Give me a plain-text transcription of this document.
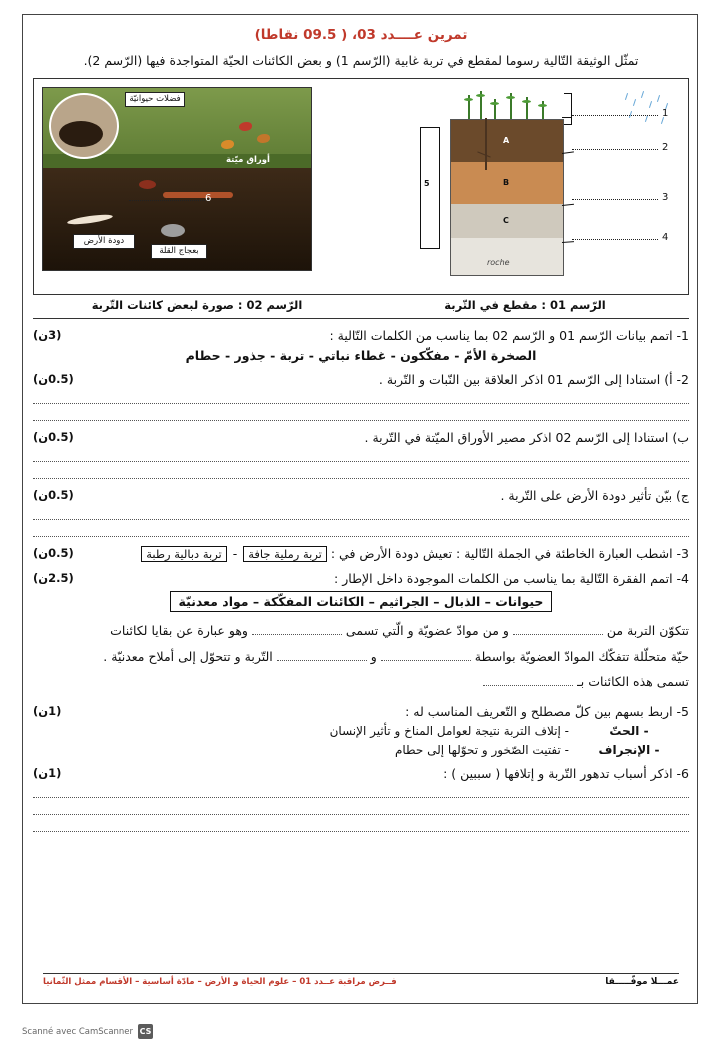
تمرين عــــدد 03، ( 09.5 نقاطا)
تمثّل الوثيقة التّالية رسوما لمقطع في تربة غابية (الرّسم 1) و بعض الكائنات الحيّة المتواجدة فيها (الرّسم 2).
roche
A
B
C
5
1
2
3
4
فضلات حيوانيّة
أوراق ميّتة
6
دودة الأرض
بعجاج القلة
الرّسم 01 : مقطع في التّربة
الرّسم 02 : صورة لبعض كائنات التّربة
(3ن)	1- اتمم بيانات الرّسم 01 و الرّسم 02 بما يناسب من الكلمات التّالية :
الصخرة الأمّ - مفكّكون - غطاء نباتي - تربة - جذور - حطام
(0.5ن)	2- أ) استنادا إلى الرّسم 01 اذكر العلاقة بين النّبات و التّربة .
(0.5ن)	ب) استنادا إلى الرّسم 02 اذكر مصير الأوراق الميّتة في التّربة .
(0.5ن)	ج) بيّن تأثير دودة الأرض على التّربة .
(0.5ن)	3- اشطب العبارة الخاطئة في الجملة التّالية : تعيش دودة الأرض في : تربة رملية جافة - تربة دبالية رطبة
(2.5ن)	4- اتمم الفقرة التّالية بما يناسب من الكلمات الموجودة داخل الإطار :
حيوانات – الذبال – الجراثيم – الكائنات المفكّكة – مواد معدنيّة
تتكوّن التربة من  و من موادّ عضويّة و الّتي تسمى  وهو عبارة عن بقايا لكائنات
حيّة متحلّلة تتفكّك الموادّ العضويّة بواسطة  و  التّربة و تتحوّل إلى أملاح معدنيّة .
تسمى هذه الكائنات بـ
(1ن)	5- اربط بسهم بين كلّ مصطلح و التّعريف المناسب له :
- الحتّ
- إتلاف التربة نتيجة لعوامل المناخ و تأثير الإنسان
- الإنجراف
- تفتيت الصّخور و تحوّلها إلى حطام
(1ن)	6- اذكر أسباب تدهور التّربة و إتلافها ( سببين ) :
عمـــلا موفّـــــقا
فــرض مراقبة عــدد 01 – علوم الحياة و الأرض – مادّة أساسية – الأقسام ممثل الثّمانيا
CS
Scanné avec CamScanner
